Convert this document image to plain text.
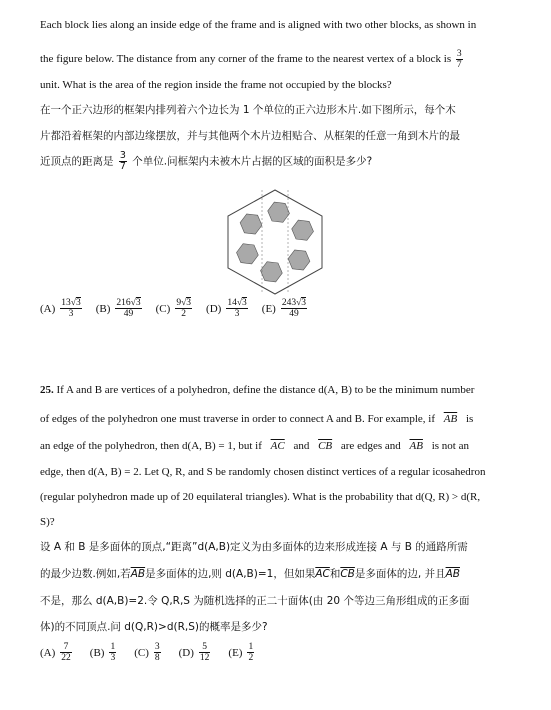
Each block lies along an inside edge of the frame and is aligned with two other blocks, as shown in
the figure below. The distance from any corner of the frame to the nearest vertex of a block is $\frac{3}{7}$
unit. What is the area of the region inside the frame not occupied by the blocks?
在一个正六边形的框架内排列着六个边长为 1 个单位的正六边形木片.如下图所示，每个木
片都沿着框架的内部边缘摆放，并与其他两个木片边相贴合、从框架的任意一角到木片的最
近顶点的距离是 $\frac{3}{7}$ 个单位.问框架内未被木片占据的区域的面积是多少?
$(A) \frac{13√3}{3} (B) \frac{216√3}{49} (C) \frac{9√3}{2} (D) \frac{14√3}{3} (E) \frac{243√3}{49}$
25. If A and B are vertices of a polyhedron, define the distance d(A, B) to be the minimum number
of edges of the polyhedron one must traverse in order to connect A and B. For example, if $\overline{AB}$ is
an edge of the polyhedron, then d(A, B) = 1, but if $\overline{AC}$ and $\overline{CB}$ are edges and $\overline{AB}$ is not an
edge, then d(A, B) = 2. Let Q, R, and S be randomly chosen distinct vertices of a regular icosahedron
(regular polyhedron made up of 20 equilateral triangles). What is the probability that d(Q, R) > d(R,
S)?
设 A 和 B 是多面体的顶点,“距离”d(A,B)定义为由多面体的边来形成连接 A 与 B 的通路所需
的最少边数.例如,若$\overline{AB}$是多面体的边,则 d(A,B)=1，但如果$\overline{AC}$和$\overline{CB}$是多面体的边, 并且$\overline{AB}$
不是，那么 d(A,B)=2.令 Q,R,S 为随机选择的正二十面体(由 20 个等边三角形组成的正多面
体)的不同顶点.问 d(Q,R)>d(R,S)的概率是多少?
$(A) \frac{7}{22} (B) \frac{1}{3} (C) \frac{3}{8} (D) \frac{5}{12} (E) \frac{1}{2}$
